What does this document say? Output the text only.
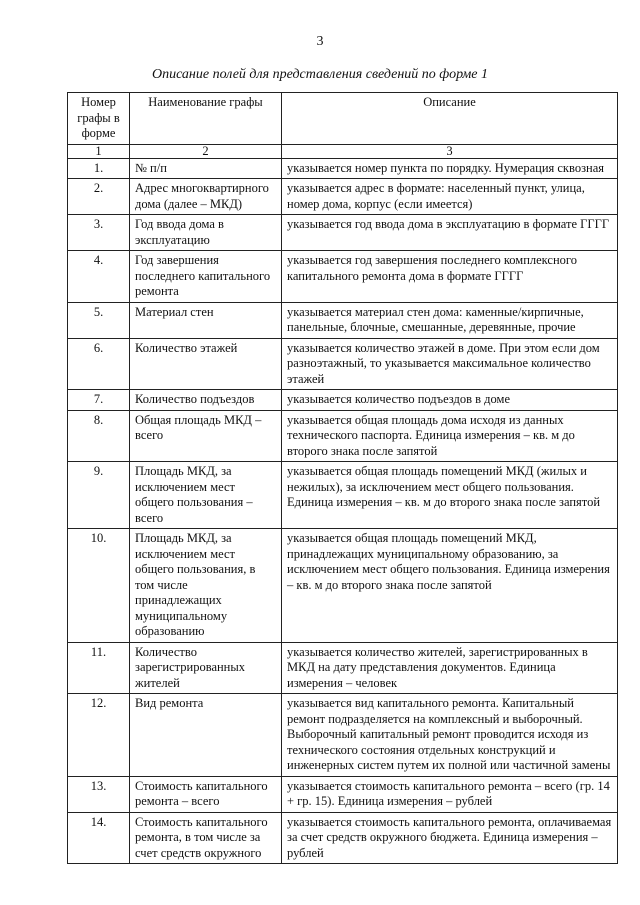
3
Описание полей для представления сведений по форме 1
Номер графы в форме	Наименование графы	Описание
1	2	3
1.	№ п/п	указывается номер пункта по порядку. Нумерация сквозная
2.	Адрес многоквартирного дома (далее – МКД)	указывается адрес в формате: населенный пункт, улица, номер дома, корпус (если имеется)
3.	Год ввода дома в эксплуатацию	указывается год ввода дома в эксплуатацию в формате ГГГГ
4.	Год завершения последнего капитального ремонта	указывается год завершения последнего комплексного капитального ремонта дома в формате ГГГГ
5.	Материал стен	указывается материал стен дома: каменные/кирпичные, панельные, блочные, смешанные, деревянные, прочие
6.	Количество этажей	указывается количество этажей в доме. При этом если дом разноэтажный, то указывается максимальное количество этажей
7.	Количество подъездов	указывается количество подъездов в доме
8.	Общая площадь МКД – всего	указывается общая площадь дома исходя из данных технического паспорта. Единица измерения – кв. м до второго знака после запятой
9.	Площадь МКД, за исключением мест общего пользования – всего	указывается общая площадь помещений МКД (жилых и нежилых), за исключением мест общего пользования. Единица измерения – кв. м до второго знака после запятой
10.	Площадь МКД, за исключением мест общего пользования, в том числе принадлежащих муниципальному образованию	указывается общая площадь помещений МКД, принадлежащих муниципальному образованию, за исключением мест общего пользования. Единица измерения – кв. м до второго знака после запятой
11.	Количество зарегистрированных жителей	указывается количество жителей, зарегистрированных в МКД на дату представления документов. Единица измерения – человек
12.	Вид ремонта	указывается вид капитального ремонта. Капитальный ремонт подразделяется на комплексный и выборочный. Выборочный капитальный ремонт проводится исходя из технического состояния отдельных конструкций и инженерных систем путем их полной или частичной замены
13.	Стоимость капитального ремонта – всего	указывается стоимость капитального ремонта – всего (гр. 14 + гр. 15). Единица измерения – рублей
14.	Стоимость капитального ремонта, в том числе за счет средств окружного	указывается стоимость капитального ремонта, оплачиваемая за счет средств окружного бюджета. Единица измерения – рублей
